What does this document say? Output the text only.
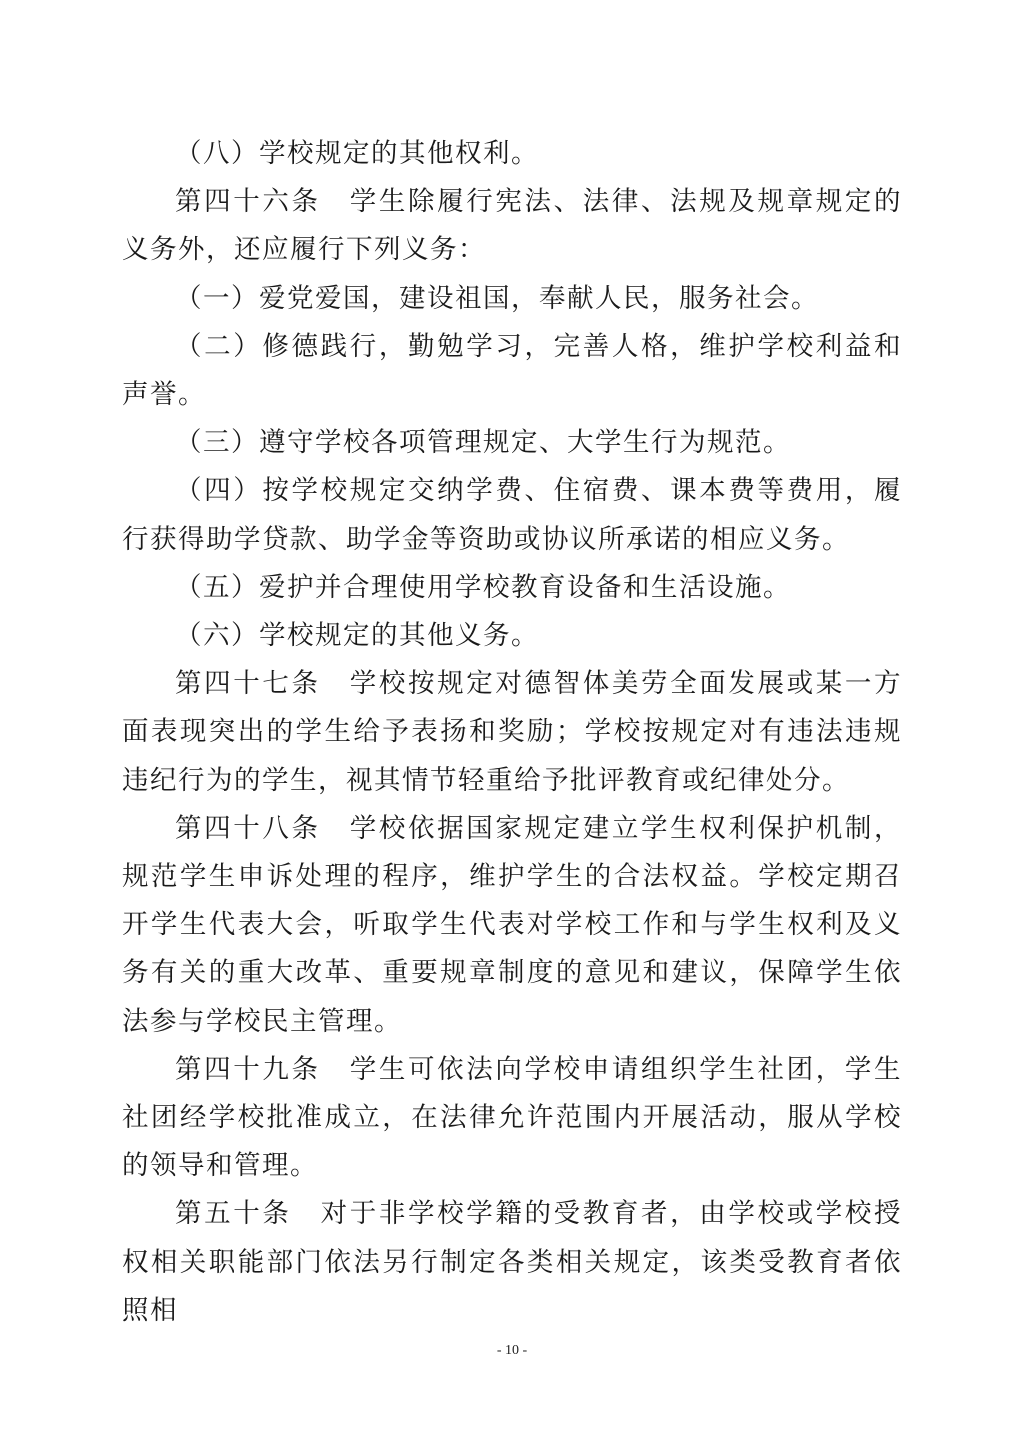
（八）学校规定的其他权利。

第四十六条　学生除履行宪法、法律、法规及规章规定的义务外，还应履行下列义务：

（一）爱党爱国，建设祖国，奉献人民，服务社会。

（二）修德践行，勤勉学习，完善人格，维护学校利益和声誉。

（三）遵守学校各项管理规定、大学生行为规范。

（四）按学校规定交纳学费、住宿费、课本费等费用，履行获得助学贷款、助学金等资助或协议所承诺的相应义务。

（五）爱护并合理使用学校教育设备和生活设施。

（六）学校规定的其他义务。

第四十七条　学校按规定对德智体美劳全面发展或某一方面表现突出的学生给予表扬和奖励；学校按规定对有违法违规违纪行为的学生，视其情节轻重给予批评教育或纪律处分。

第四十八条　学校依据国家规定建立学生权利保护机制，规范学生申诉处理的程序，维护学生的合法权益。学校定期召开学生代表大会，听取学生代表对学校工作和与学生权利及义务有关的重大改革、重要规章制度的意见和建议，保障学生依法参与学校民主管理。

第四十九条　学生可依法向学校申请组织学生社团，学生社团经学校批准成立，在法律允许范围内开展活动，服从学校的领导和管理。

第五十条　对于非学校学籍的受教育者，由学校或学校授权相关职能部门依法另行制定各类相关规定，该类受教育者依照相

- 10 -
